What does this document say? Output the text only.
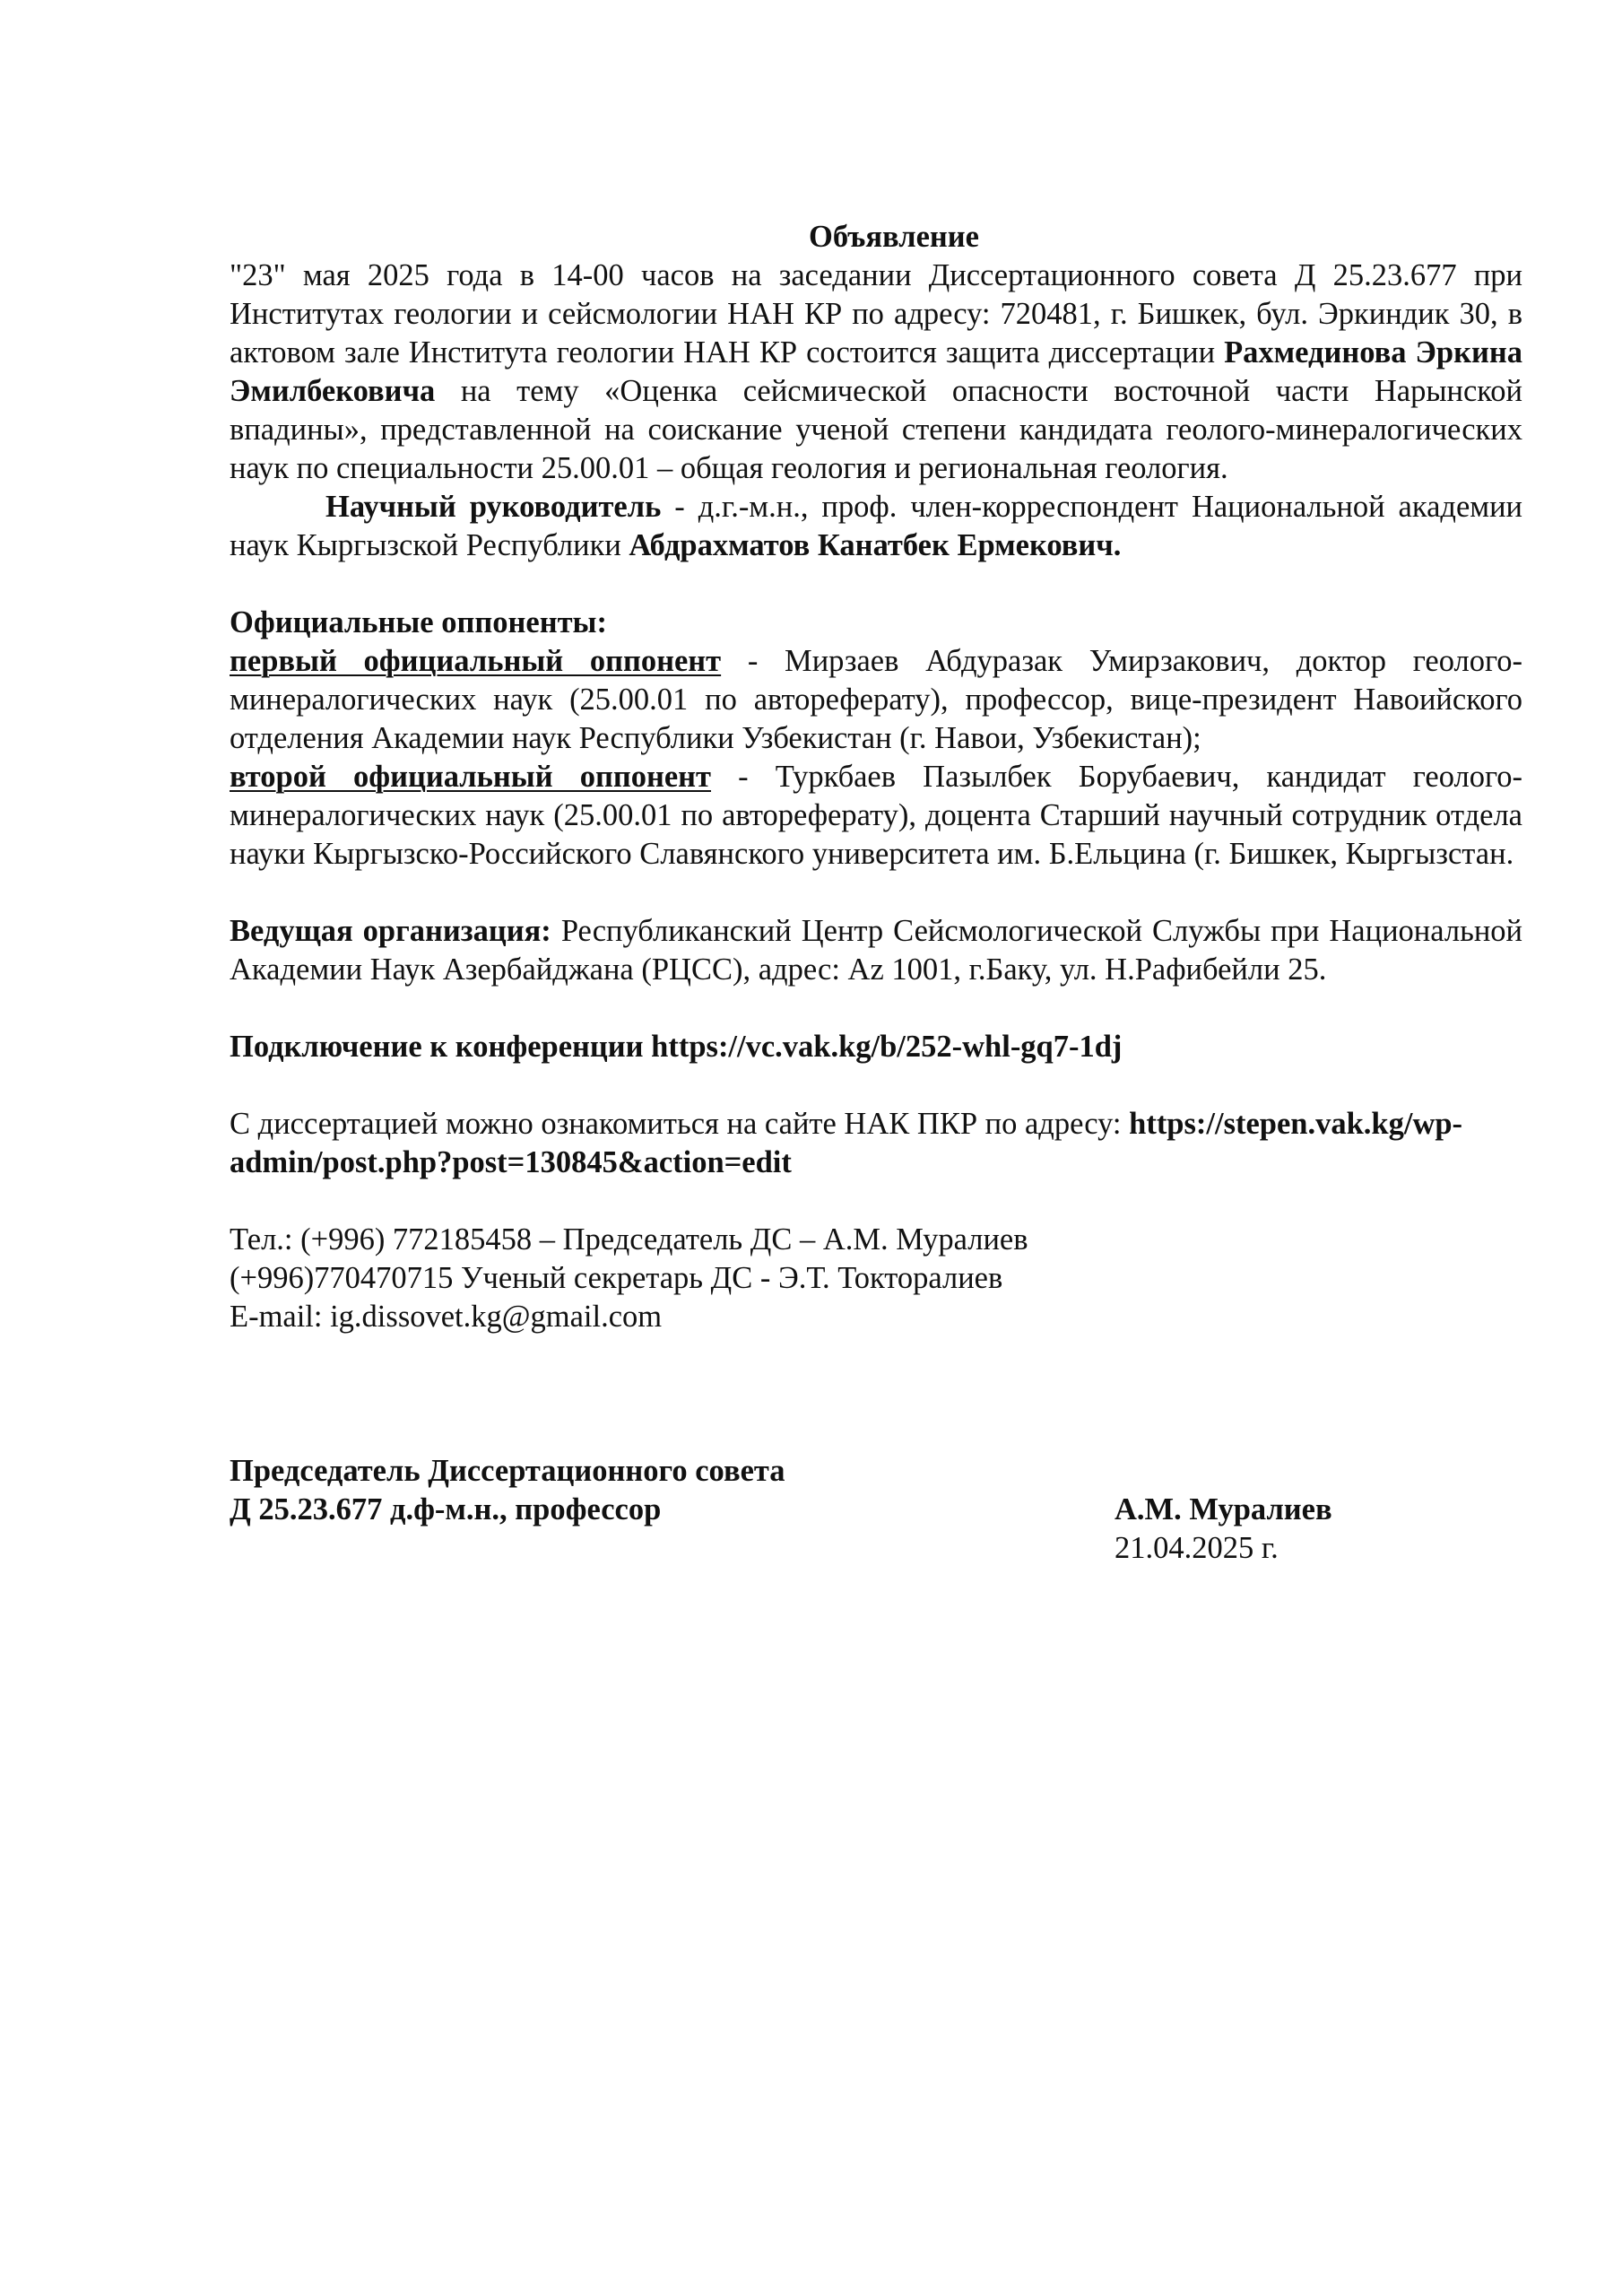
Объявление

"23" мая 2025 года в 14-00 часов на заседании Диссертационного совета Д 25.23.677 при Институтах геологии и сейсмологии НАН КР по адресу: 720481, г. Бишкек, бул. Эркиндик 30, в актовом зале Института геологии НАН КР состоится защита диссертации Рахмединова Эркина Эмилбековича на тему «Оценка сейсмической опасности восточной части Нарынской впадины», представленной на соискание ученой степени кандидата геолого-минералогических наук по специальности 25.00.01 – общая геология и региональная геология.

Научный руководитель - д.г.-м.н., проф. член-корреспондент Национальной академии наук Кыргызской Республики Абдрахматов Канатбек Ермекович.

Официальные оппоненты:

первый официальный оппонент - Мирзаев Абдуразак Умирзакович, доктор геолого-минералогических наук (25.00.01 по автореферату), профессор, вице-президент Навоийского отделения Академии наук Республики Узбекистан (г. Навои, Узбекистан);

второй официальный оппонент - Туркбаев Пазылбек Борубаевич, кандидат геолого-минералогических наук (25.00.01 по автореферату), доцента Старший научный сотрудник отдела науки Кыргызско-Российского Славянского университета им. Б.Ельцина (г. Бишкек, Кыргызстан.

Ведущая организация: Республиканский Центр Сейсмологической Службы при Национальной Академии Наук Азербайджана (РЦСС), адрес: Az 1001, г.Баку, ул. Н.Рафибейли 25.

Подключение к конференции https://vc.vak.kg/b/252-whl-gq7-1dj

С диссертацией можно ознакомиться на сайте НАК ПКР по адресу: https://stepen.vak.kg/wp-

admin/post.php?post=130845&action=edit

Тел.: (+996) 772185458 – Председатель ДС – А.М. Муралиев

(+996)770470715 Ученый секретарь ДС - Э.Т. Токторалиев

E-mail: ig.dissovet.kg@gmail.com

Председатель Диссертационного совета
Д 25.23.677 д.ф-м.н., профессор	А.М. Муралиев
21.04.2025 г.
